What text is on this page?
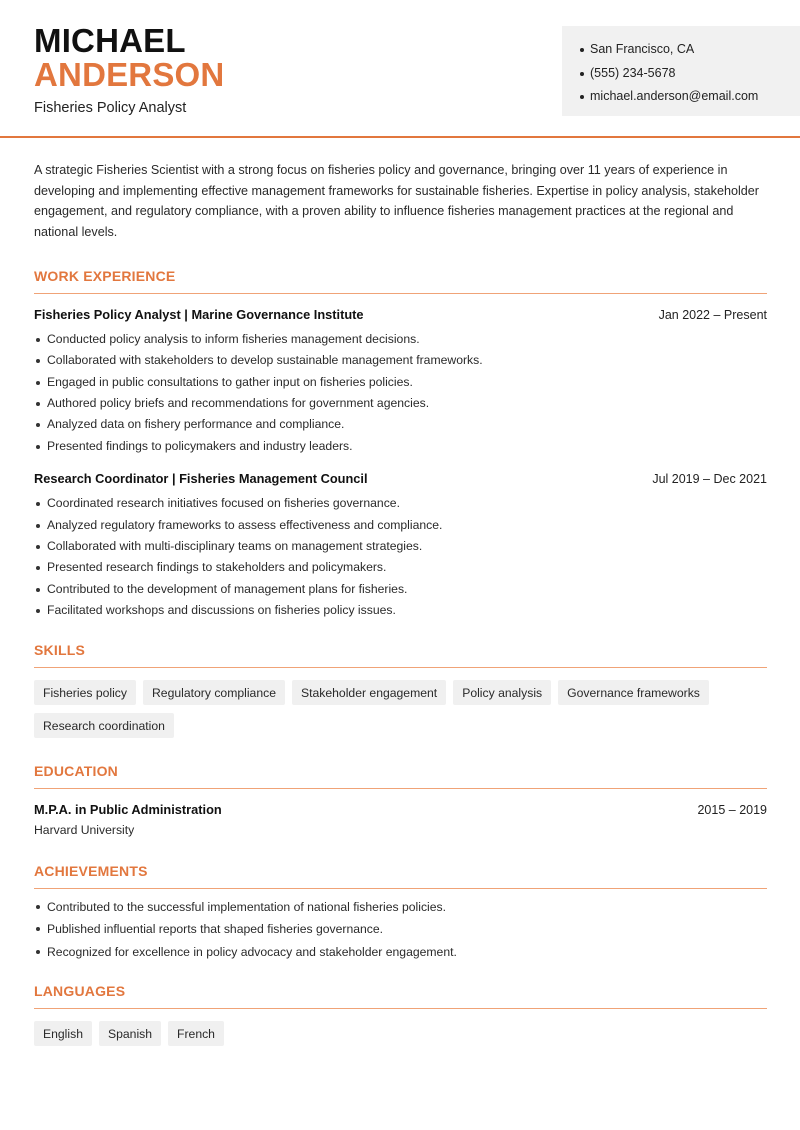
MICHAEL
ANDERSON
Fisheries Policy Analyst
San Francisco, CA
(555) 234-5678
michael.anderson@email.com

A strategic Fisheries Scientist with a strong focus on fisheries policy and governance, bringing over 11 years of experience in developing and implementing effective management frameworks for sustainable fisheries. Expertise in policy analysis, stakeholder engagement, and regulatory compliance, with a proven ability to influence fisheries management practices at the regional and national levels.

WORK EXPERIENCE
Fisheries Policy Analyst | Marine Governance Institute	Jan 2022 – Present
Conducted policy analysis to inform fisheries management decisions.
Collaborated with stakeholders to develop sustainable management frameworks.
Engaged in public consultations to gather input on fisheries policies.
Authored policy briefs and recommendations for government agencies.
Analyzed data on fishery performance and compliance.
Presented findings to policymakers and industry leaders.
Research Coordinator | Fisheries Management Council	Jul 2019 – Dec 2021
Coordinated research initiatives focused on fisheries governance.
Analyzed regulatory frameworks to assess effectiveness and compliance.
Collaborated with multi-disciplinary teams on management strategies.
Presented research findings to stakeholders and policymakers.
Contributed to the development of management plans for fisheries.
Facilitated workshops and discussions on fisheries policy issues.
SKILLS
Fisheries policy	Regulatory compliance	Stakeholder engagement	Policy analysis	Governance frameworks
Research coordination
EDUCATION
M.P.A. in Public Administration	2015 – 2019
Harvard University
ACHIEVEMENTS
Contributed to the successful implementation of national fisheries policies.
Published influential reports that shaped fisheries governance.
Recognized for excellence in policy advocacy and stakeholder engagement.
LANGUAGES
English	Spanish	French
